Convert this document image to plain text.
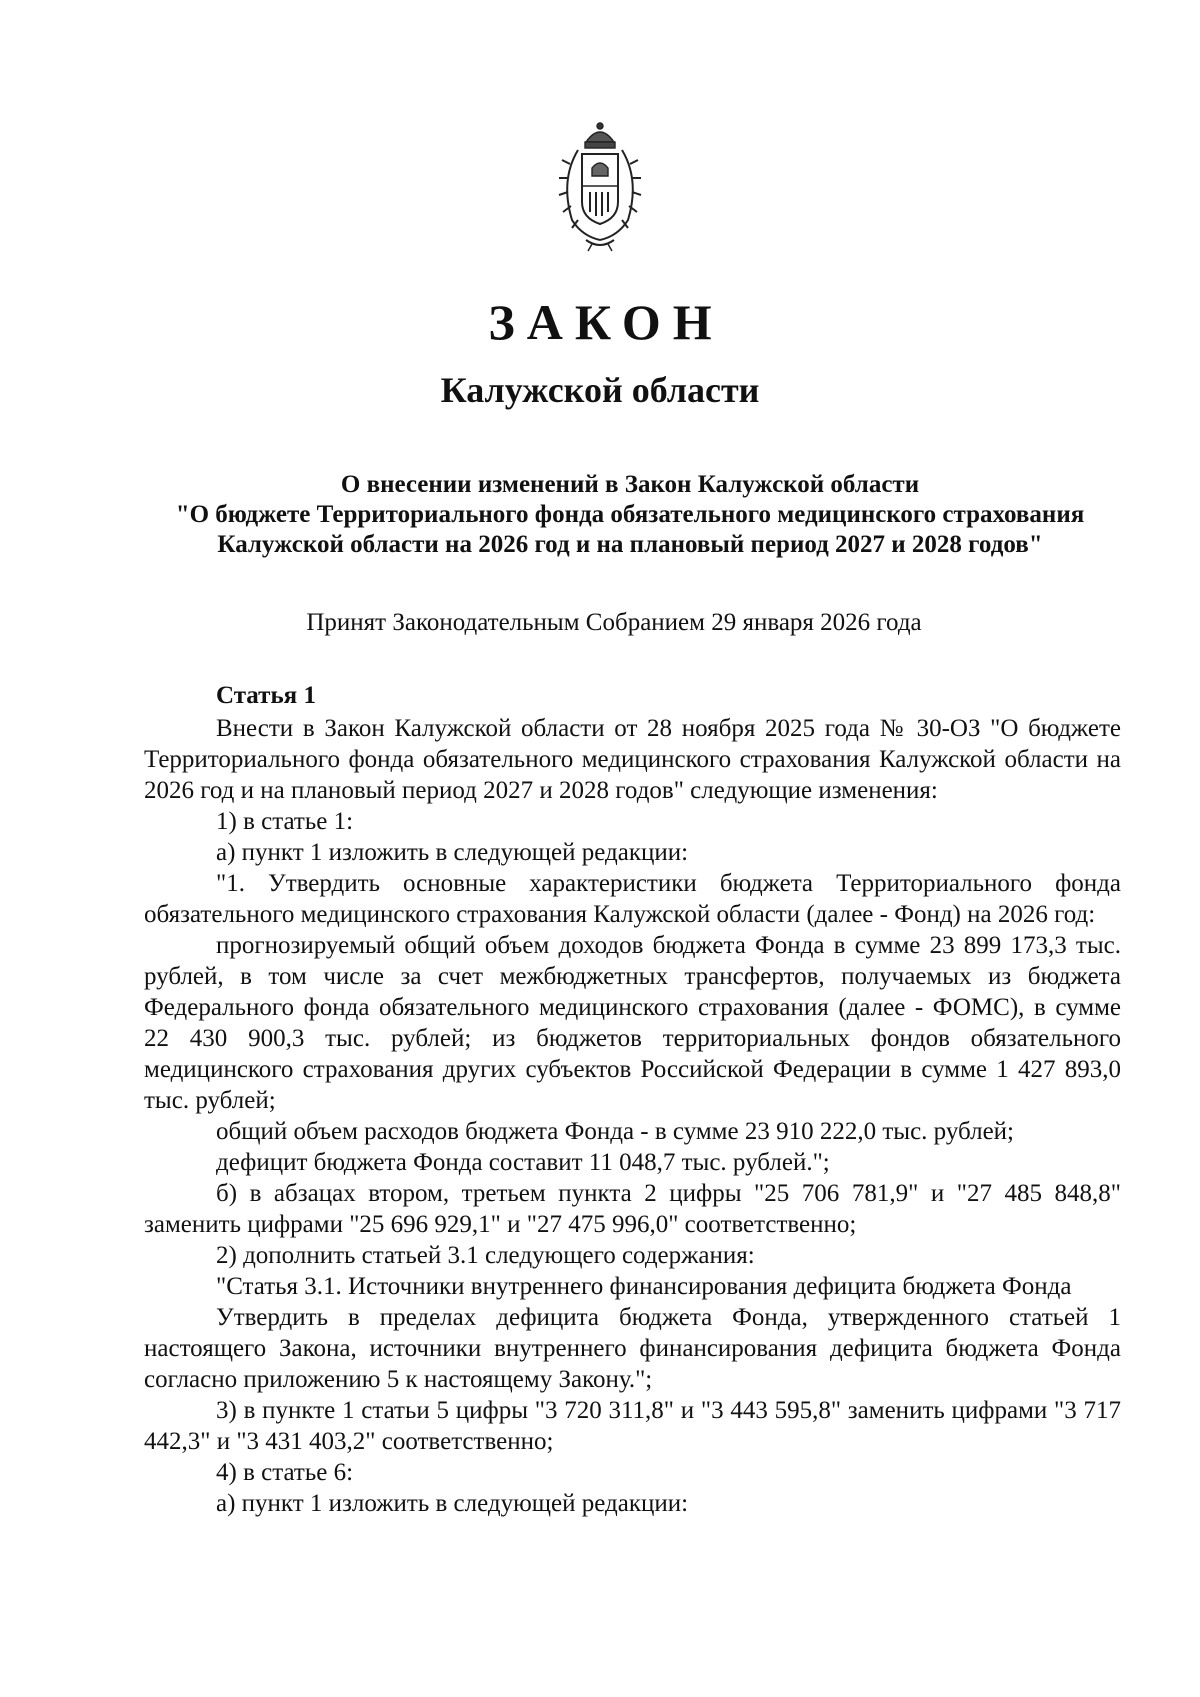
ЗАКОН
Калужской области
О внесении изменений в Закон Калужской области
"О бюджете Территориального фонда обязательного медицинского страхования
Калужской области на 2026 год и на плановый период 2027 и 2028 годов"
Принят Законодательным Собранием 29 января 2026 года

Статья 1

Внести в Закон Калужской области от 28 ноября 2025 года № 30-ОЗ "О бюджете Территориального фонда обязательного медицинского страхования Калужской области на 2026 год и на плановый период 2027 и 2028 годов" следующие изменения:

1) в статье 1:

а) пункт 1 изложить в следующей редакции:

"1. Утвердить основные характеристики бюджета Территориального фонда обязательного медицинского страхования Калужской области (далее - Фонд) на 2026 год:

прогнозируемый общий объем доходов бюджета Фонда в сумме 23 899 173,3 тыс. рублей, в том числе за счет межбюджетных трансфертов, получаемых из бюджета Федерального фонда обязательного медицинского страхования (далее - ФОМС), в сумме 22 430 900,3 тыс. рублей; из бюджетов территориальных фондов обязательного медицинского страхования других субъектов Российской Федерации в сумме 1 427 893,0 тыс. рублей;

общий объем расходов бюджета Фонда - в сумме 23 910 222,0 тыс. рублей;

дефицит бюджета Фонда составит 11 048,7 тыс. рублей.";

б) в абзацах втором, третьем пункта 2 цифры "25 706 781,9" и "27 485 848,8" заменить цифрами "25 696 929,1" и "27 475 996,0" соответственно;

2) дополнить статьей 3.1 следующего содержания:

"Статья 3.1. Источники внутреннего финансирования дефицита бюджета Фонда

Утвердить в пределах дефицита бюджета Фонда, утвержденного статьей 1 настоящего Закона, источники внутреннего финансирования дефицита бюджета Фонда согласно приложению 5 к настоящему Закону.";

3) в пункте 1 статьи 5 цифры "3 720 311,8" и "3 443 595,8" заменить цифрами "3 717 442,3" и "3 431 403,2" соответственно;

4) в статье 6:

а) пункт 1 изложить в следующей редакции:
